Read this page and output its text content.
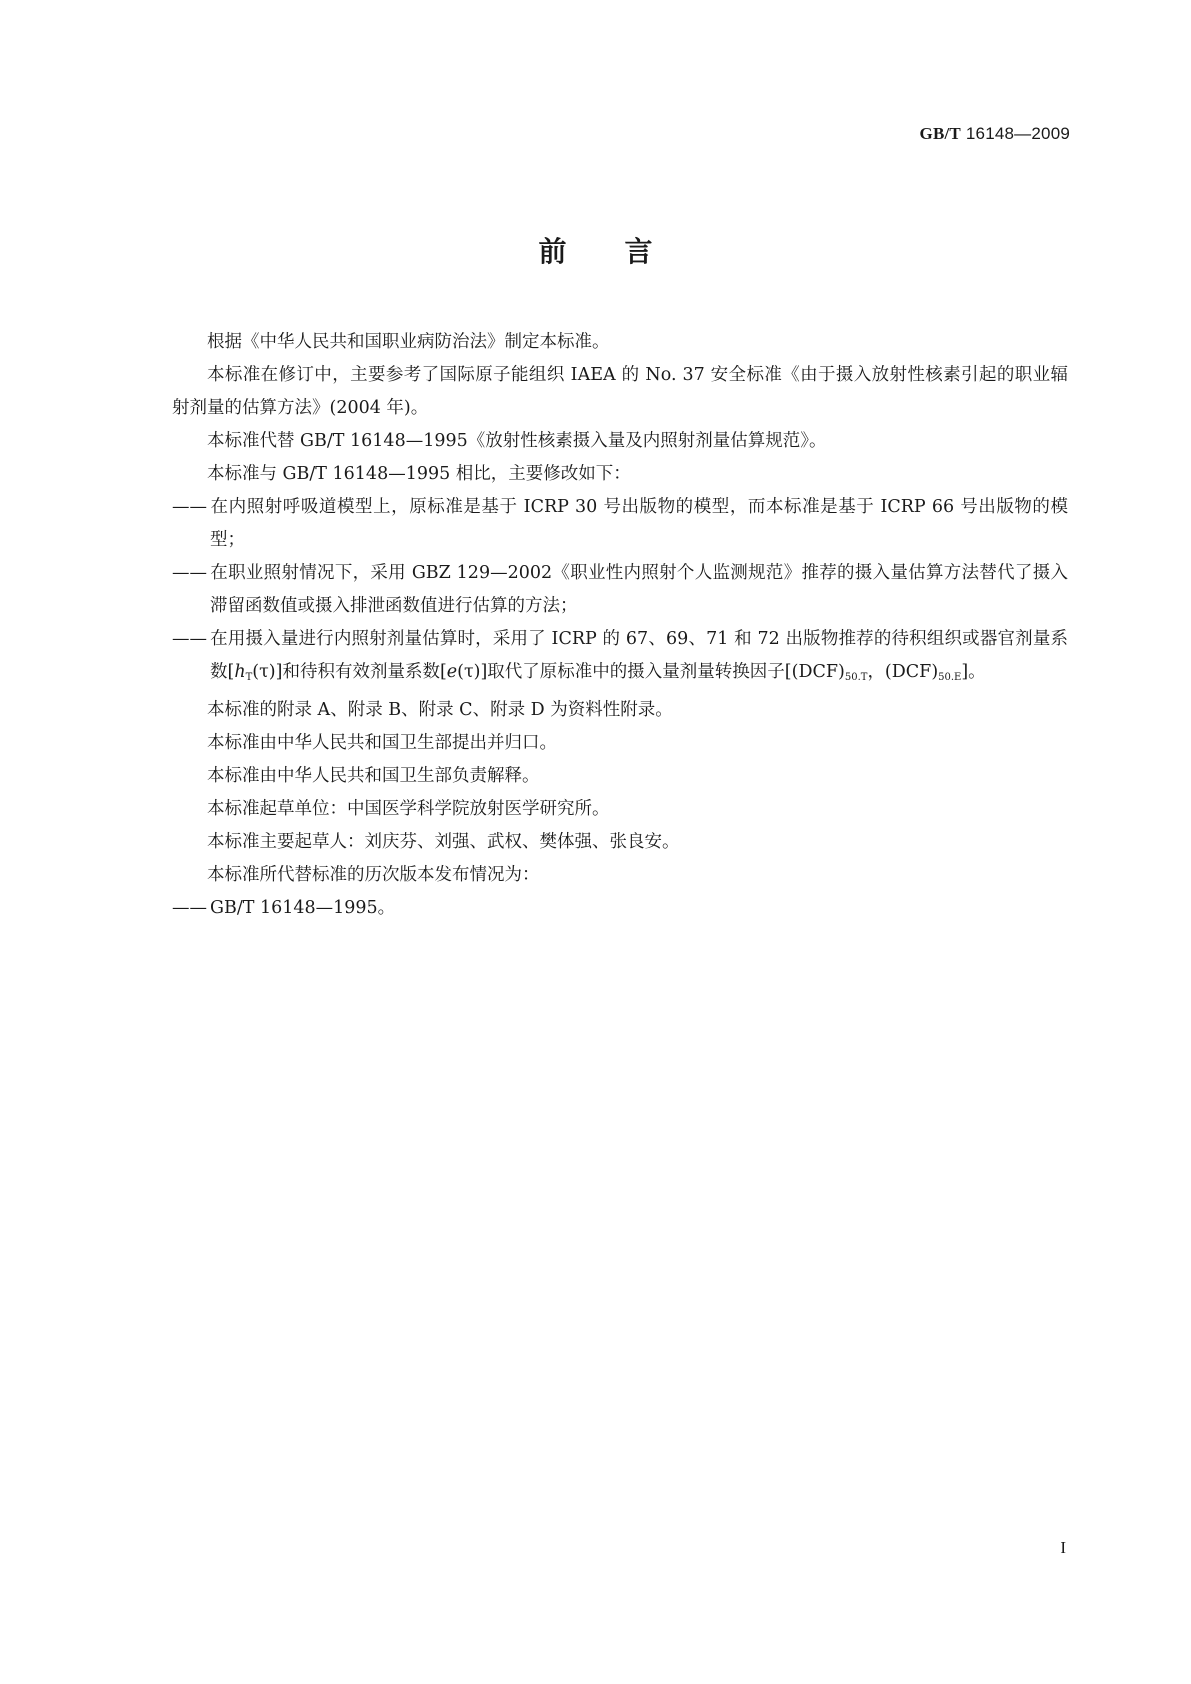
GB/T 16148—2009
前言

根据《中华人民共和国职业病防治法》制定本标准。

本标准在修订中，主要参考了国际原子能组织 IAEA 的 No. 37 安全标准《由于摄入放射性核素引起的职业辐射剂量的估算方法》(2004 年)。

本标准代替 GB/T 16148—1995《放射性核素摄入量及内照射剂量估算规范》。

本标准与 GB/T 16148—1995 相比，主要修改如下：

—— 在内照射呼吸道模型上，原标准是基于 ICRP 30 号出版物的模型，而本标准是基于 ICRP 66 号出版物的模型；

—— 在职业照射情况下，采用 GBZ 129—2002《职业性内照射个人监测规范》推荐的摄入量估算方法替代了摄入滞留函数值或摄入排泄函数值进行估算的方法；

—— 在用摄入量进行内照射剂量估算时，采用了 ICRP 的 67、69、71 和 72 出版物推荐的待积组织或器官剂量系数$[h_T(\tau)]$和待积有效剂量系数[e(τ)]取代了原标准中的摄入量剂量转换因子[$(DCF)_{50.T}$，$(DCF)_{50.E}$]。

本标准的附录 A、附录 B、附录 C、附录 D 为资料性附录。

本标准由中华人民共和国卫生部提出并归口。

本标准由中华人民共和国卫生部负责解释。

本标准起草单位：中国医学科学院放射医学研究所。

本标准主要起草人：刘庆芬、刘强、武权、樊体强、张良安。

本标准所代替标准的历次版本发布情况为：

—— GB/T 16148—1995。

I
